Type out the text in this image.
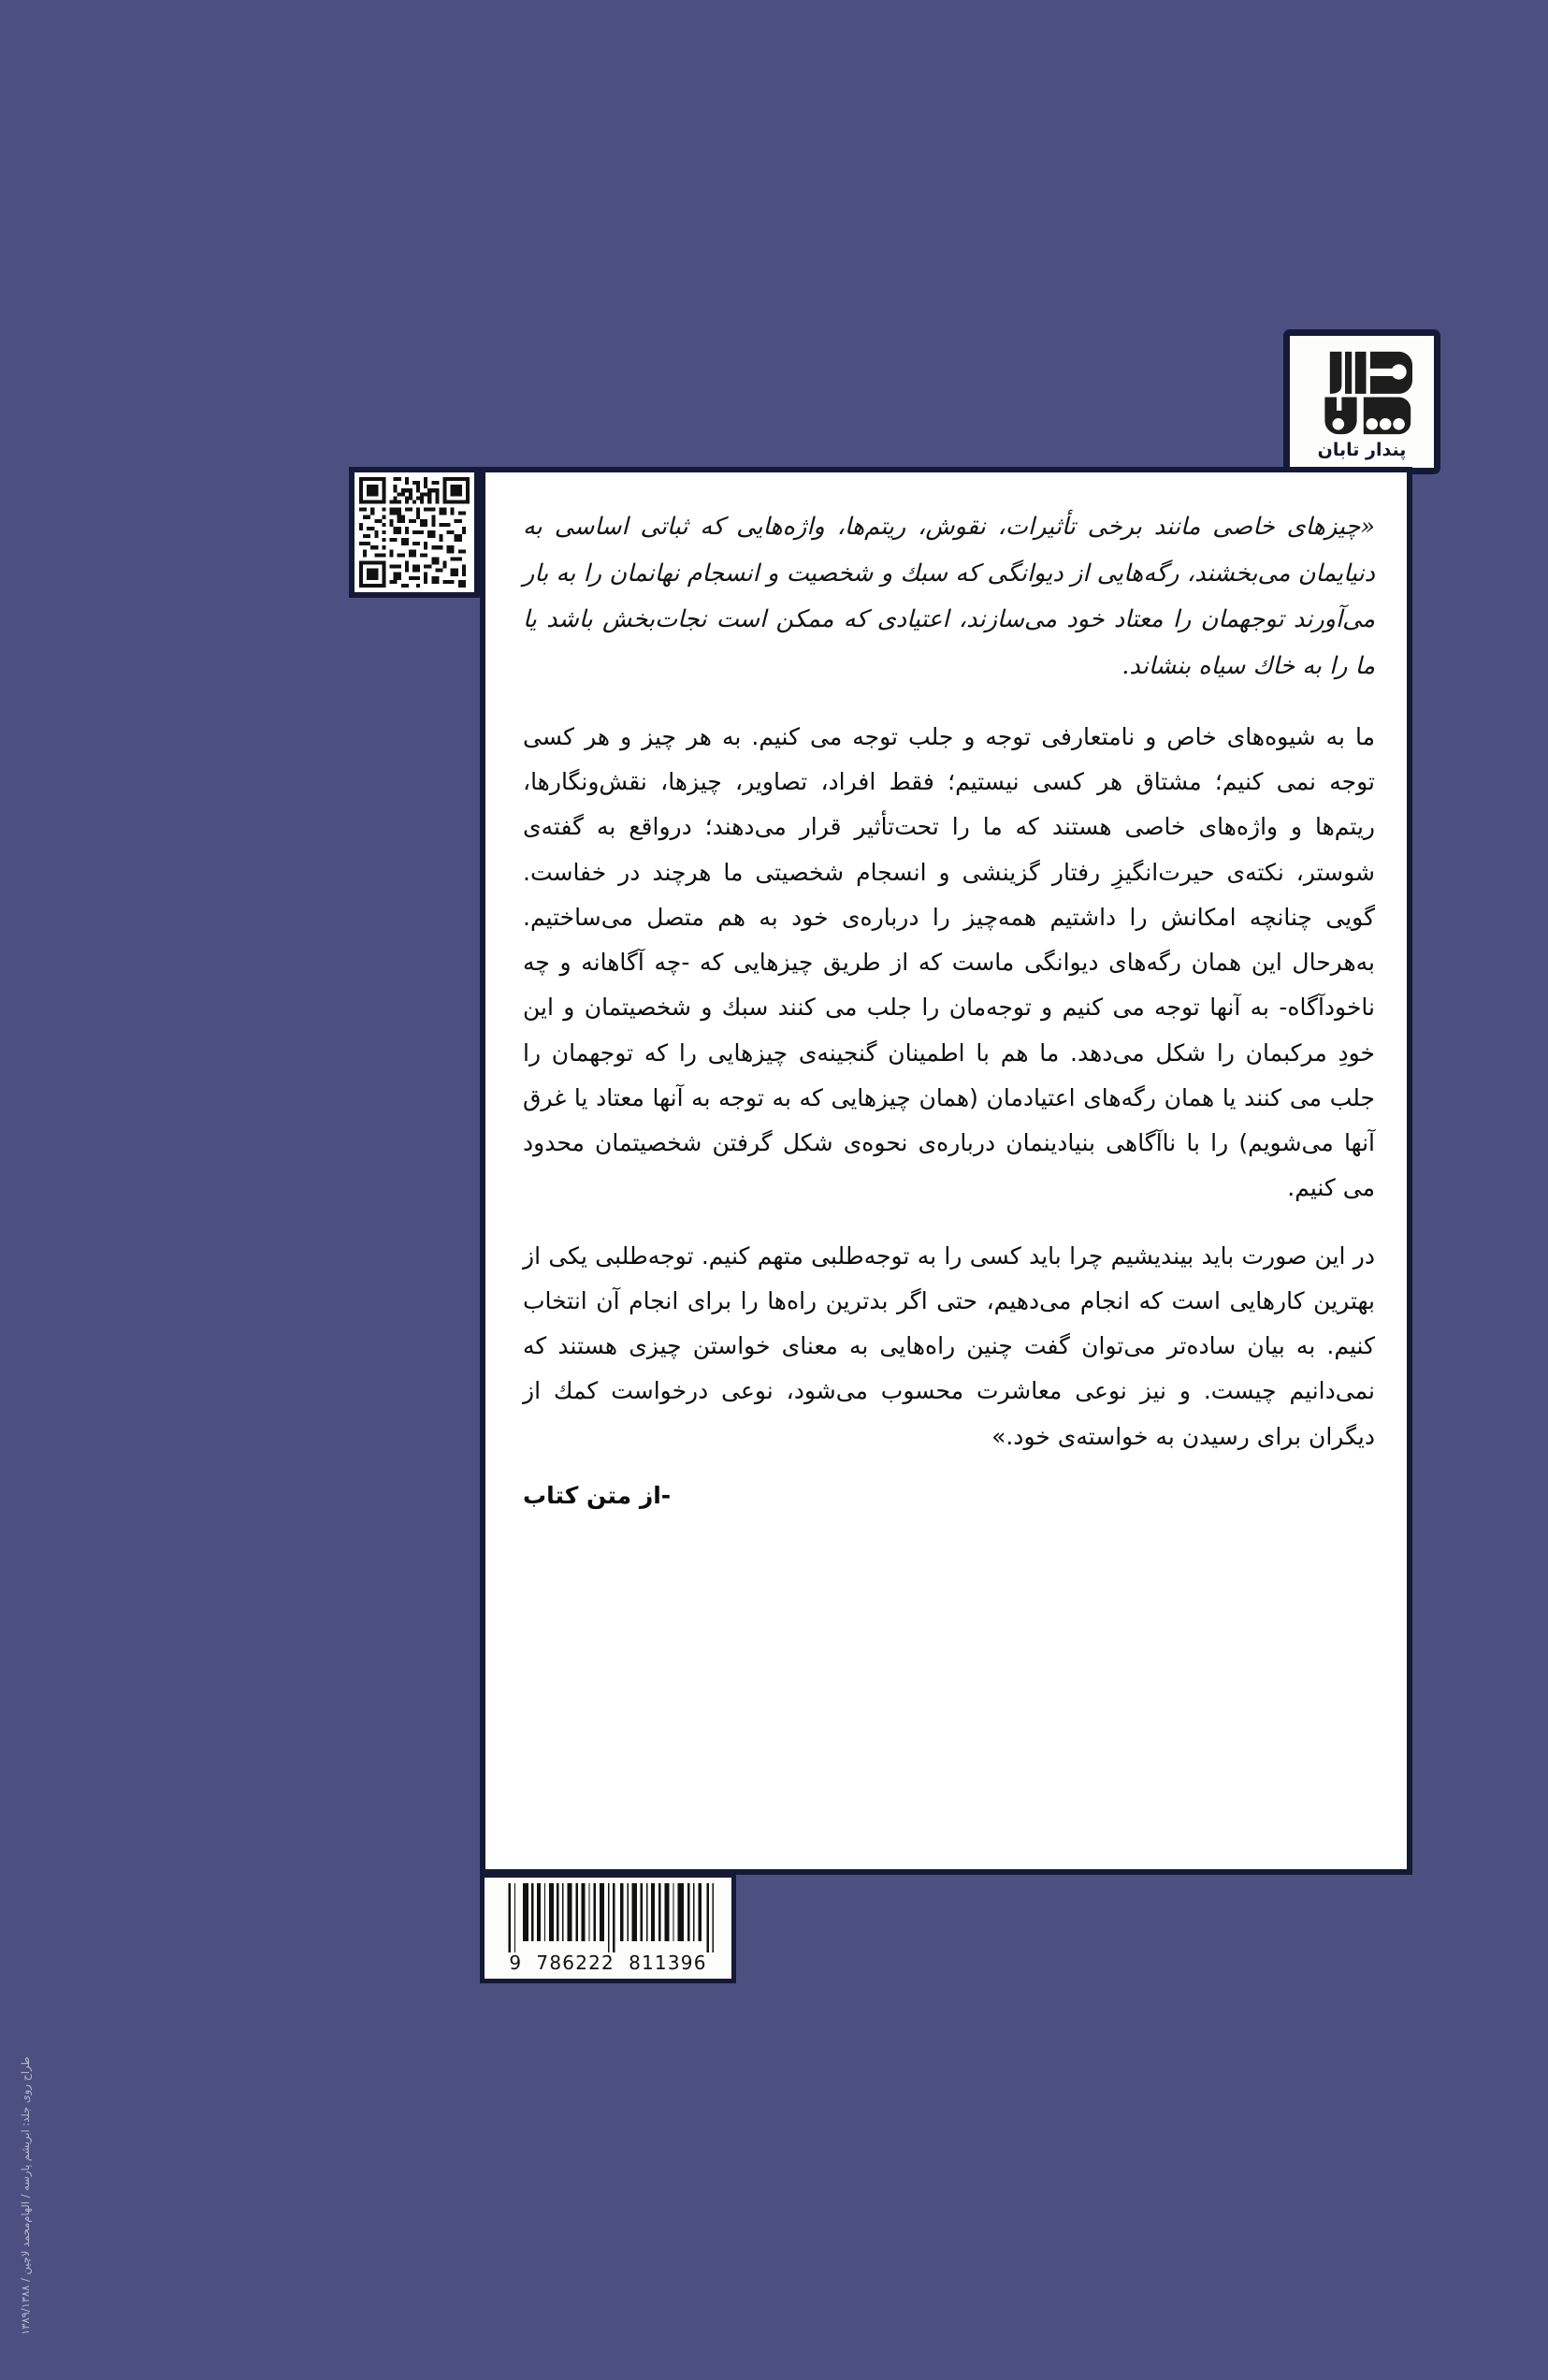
پندار تابان

«چیزهای خاصی مانند برخی تأثیرات، نقوش، ریتم‌ها، واژه‌هایی که ثباتی اساسی به دنیایمان می‌بخشند، رگه‌هایی از دیوانگی که سبك و شخصیت و انسجام نهانمان را به بار می‌آورند توجهمان را معتاد خود می‌سازند، اعتیادی که ممکن است نجات‌بخش باشد یا ما را به خاك سیاه بنشاند.

ما به شیوه‌های خاص و نامتعارفی توجه و جلب توجه می کنیم. به هر چیز و هر کسی توجه نمی کنیم؛ مشتاق هر کسی نیستیم؛ فقط افراد، تصاویر، چیزها، نقش‌ونگارها، ریتم‌ها و واژه‌های خاصی هستند که ما را تحت‌تأثیر قرار می‌دهند؛ درواقع به گفته‌ی شوستر، نکته‌ی حیرت‌انگیزِ رفتار گزینشی و انسجام شخصیتی ما هرچند در خفاست. گویی چنانچه امکانش را داشتیم همه‌چیز را درباره‌ی خود به هم متصل می‌ساختیم. به‌هرحال این همان رگه‌های دیوانگی ماست که از طریق چیزهایی که -چه آگاهانه و چه ناخودآگاه- به آنها توجه می کنیم و توجه‌مان را جلب می کنند سبك و شخصیتمان و این خودِ مرکبمان را شکل می‌دهد. ما هم با اطمینان گنجینه‌ی چیزهایی را که توجهمان را جلب می کنند یا همان رگه‌های اعتیادمان (همان چیزهایی که به توجه به آنها معتاد یا غرق آنها می‌شویم) را با ناآگاهی بنیادینمان درباره‌ی نحوه‌ی شکل گرفتن شخصیتمان محدود می کنیم.

در این صورت باید بیندیشیم چرا باید کسی را به توجه‌طلبی متهم کنیم. توجه‌طلبی یکی از بهترین کارهایی است که انجام می‌دهیم، حتی اگر بدترین راه‌ها را برای انجام آن انتخاب کنیم. به بیان ساده‌تر می‌توان گفت چنین راه‌هایی به معنای خواستن چیزی هستند که نمی‌دانیم چیست. و نیز نوعی معاشرت محسوب می‌شود، نوعی درخواست کمك از دیگران برای رسیدن به خواسته‌ی خود.»

-از متن کتاب
9  786222  811396
طراح روی جلد: ابریشم پارسه / الهام‌محمد لاچین / ۱۳۸۹/۱۳۸۸
